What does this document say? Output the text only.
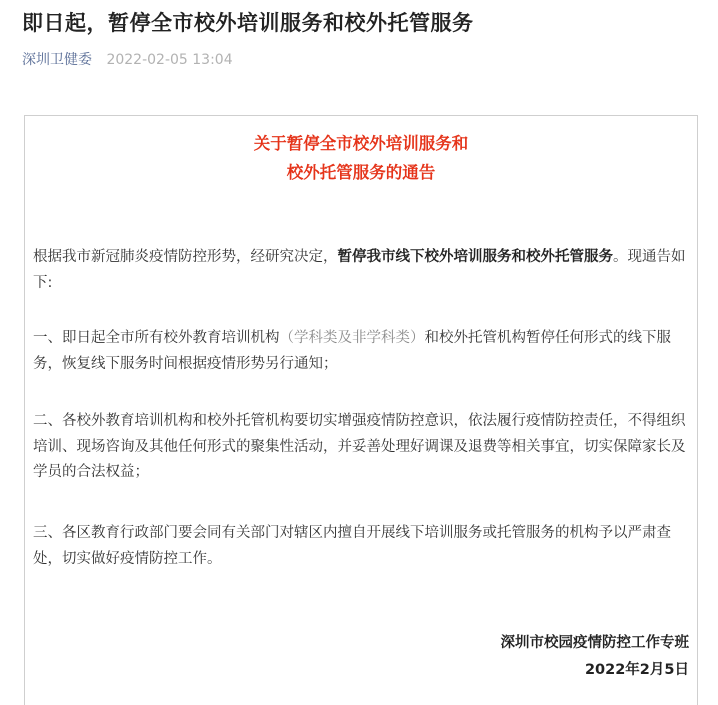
即日起，暂停全市校外培训服务和校外托管服务
深圳卫健委 2022-02-05 13:04
关于暂停全市校外培训服务和
校外托管服务的通告
根据我市新冠肺炎疫情防控形势，经研究决定，暂停我市线下校外培训服务和校外托管服务。现通告如下:
一、即日起全市所有校外教育培训机构（学科类及非学科类）和校外托管机构暂停任何形式的线下服务，恢复线下服务时间根据疫情形势另行通知；
二、各校外教育培训机构和校外托管机构要切实增强疫情防控意识，依法履行疫情防控责任，不得组织培训、现场咨询及其他任何形式的聚集性活动，并妥善处理好调课及退费等相关事宜，切实保障家长及学员的合法权益；
三、各区教育行政部门要会同有关部门对辖区内擅自开展线下培训服务或托管服务的机构予以严肃查处，切实做好疫情防控工作。
深圳市校园疫情防控工作专班
2022年2月5日
